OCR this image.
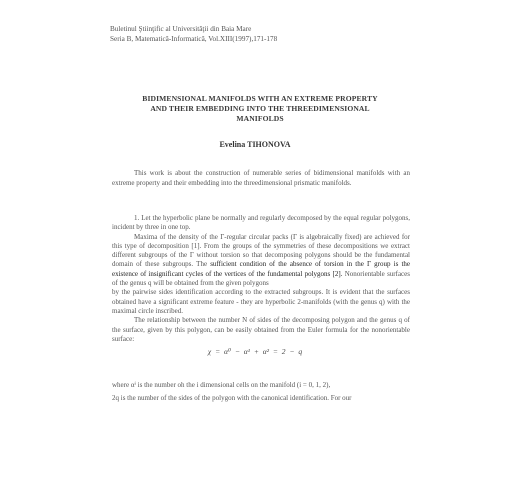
Buletinul Ştiinţific al Universităţii din Baia Mare
Seria B, Matematică-Informatică, Vol.XIII(1997),171-178
BIDIMENSIONAL MANIFOLDS WITH AN EXTREME PROPERTY
AND THEIR EMBEDDING INTO THE THREEDIMENSIONAL
MANIFOLDS
Evelina TIHONOVA
This work is about the construction of numerable series of bidimensional manifolds with an extreme property and their embedding into the threedimensional prismatic manifolds.

1. Let the hyperbolic plane be normally and regularly decomposed by the equal regular polygons, incident by three in one top.

Maxima of the density of the Γ-regular circular packs (Γ is algebraically fixed) are achieved for this type of decomposition [1]. From the groups of the symmetries of these decompositions we extract different subgroups of the Γ without torsion so that decomposing polygons should be the fundamental domain of these subgroups. The sufficient condition of the absence of torsion in the Γ group is the existence of insignificant cycles of the vertices of the fundamental polygons [2]. Nonorientable surfaces of the genus q will be obtained from the given polygons

by the pairwise sides identification according to the extracted subgroups. It is evident that the surfaces obtained have a significant extreme feature - they are hyperbolic 2-manifolds (with the genus q) with the maximal circle inscribed.

The relationship between the number N of sides of the decomposing polygon and the genus q of the surface, given by this polygon, can be easily obtained from the Euler formula for the nonorientable surface:

χ = α⁰ − α¹ + α² = 2 − q

where αⁱ is the number oh the i dimensional cells on the manifold (i = 0, 1, 2),

2q is the number of the sides of the polygon with the canonical identification. For our
